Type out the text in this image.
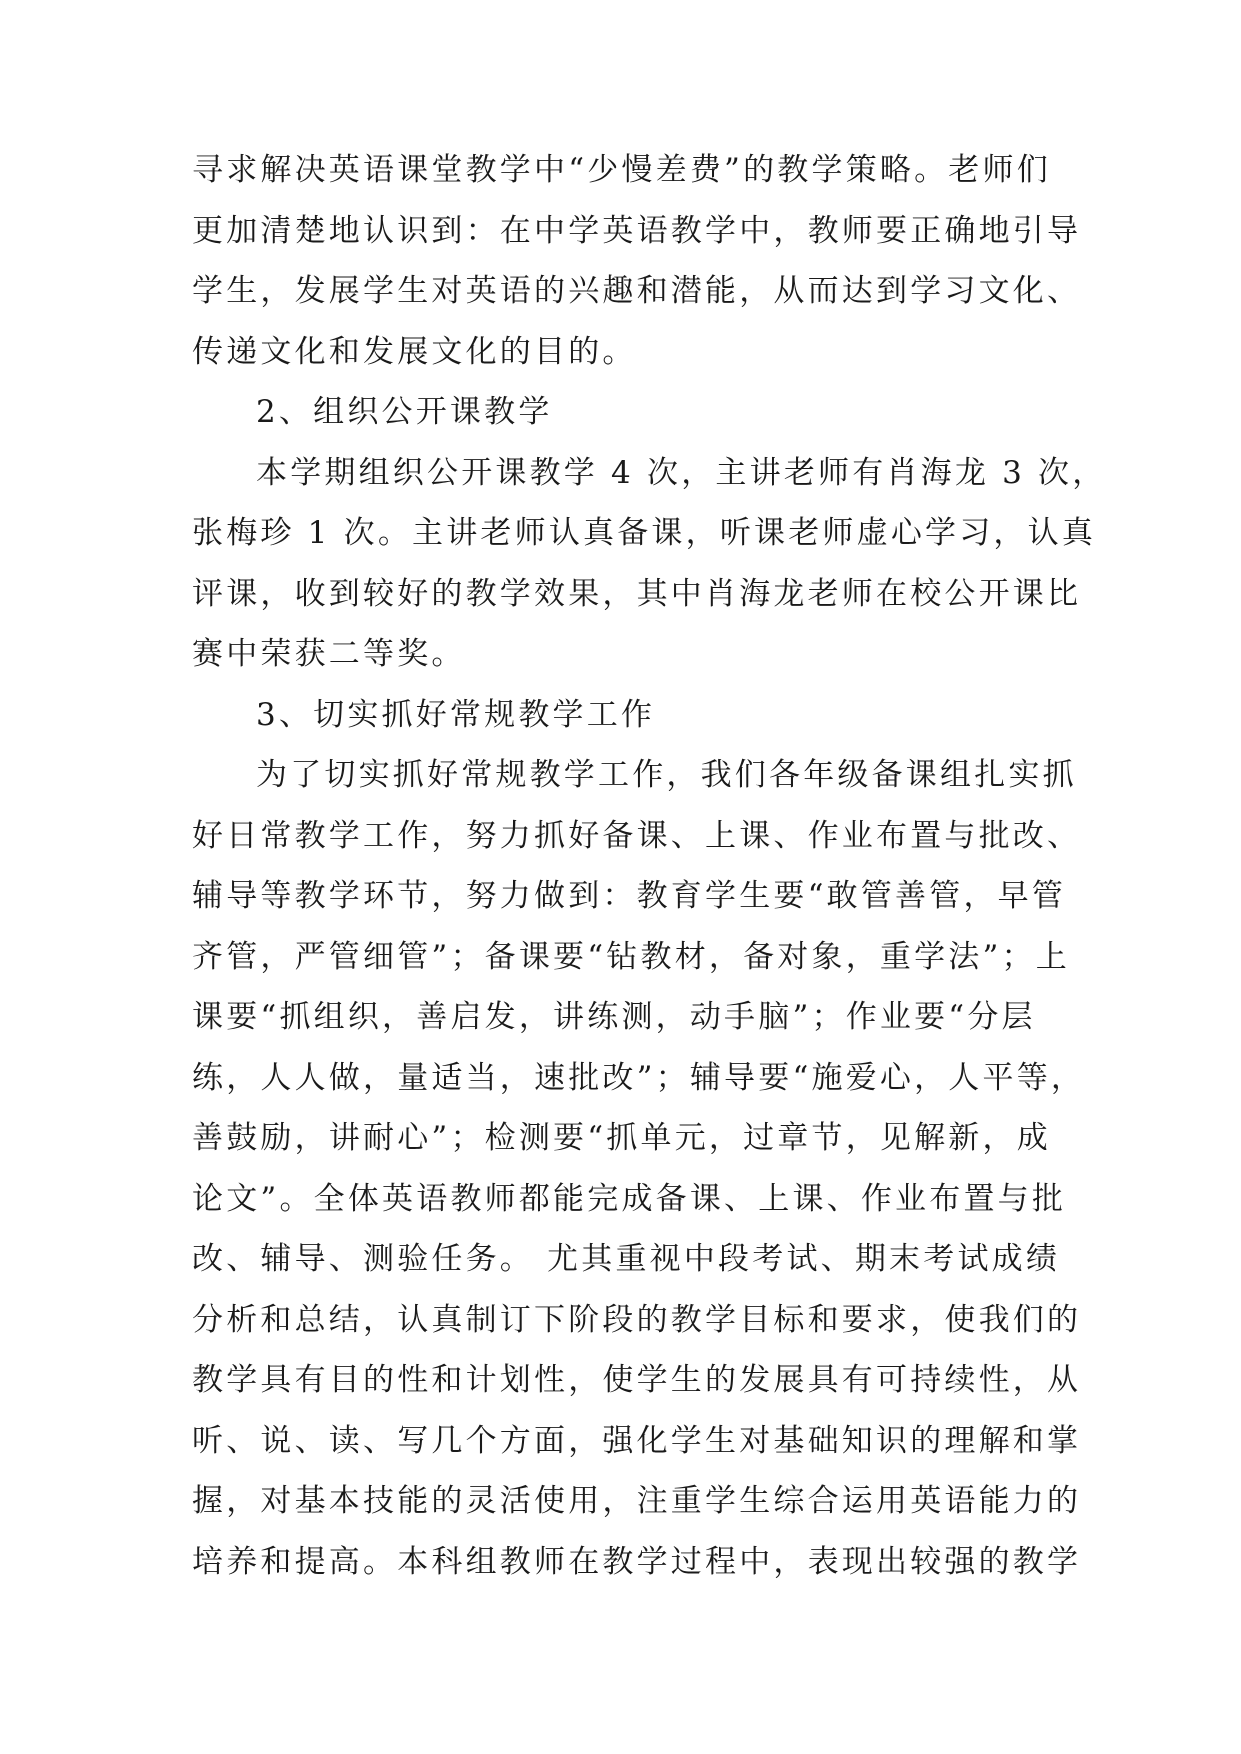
寻求解决英语课堂教学中“少慢差费”的教学策略。老师们
更加清楚地认识到：在中学英语教学中，教师要正确地引导
学生，发展学生对英语的兴趣和潜能，从而达到学习文化、
传递文化和发展文化的目的。
2、组织公开课教学
本学期组织公开课教学 4 次，主讲老师有肖海龙 3 次，
张梅珍 1 次。主讲老师认真备课，听课老师虚心学习，认真
评课，收到较好的教学效果，其中肖海龙老师在校公开课比
赛中荣获二等奖。
3、切实抓好常规教学工作
为了切实抓好常规教学工作，我们各年级备课组扎实抓
好日常教学工作，努力抓好备课、上课、作业布置与批改、
辅导等教学环节，努力做到：教育学生要“敢管善管，早管
齐管，严管细管”；备课要“钻教材，备对象，重学法”；上
课要“抓组织，善启发，讲练测，动手脑”；作业要“分层
练，人人做，量适当，速批改”；辅导要“施爱心，人平等，
善鼓励，讲耐心”；检测要“抓单元，过章节，见解新，成
论文”。全体英语教师都能完成备课、上课、作业布置与批
改、辅导、测验任务。 尤其重视中段考试、期末考试成绩
分析和总结，认真制订下阶段的教学目标和要求，使我们的
教学具有目的性和计划性，使学生的发展具有可持续性，从
听、说、读、写几个方面，强化学生对基础知识的理解和掌
握，对基本技能的灵活使用，注重学生综合运用英语能力的
培养和提高。本科组教师在教学过程中，表现出较强的教学
